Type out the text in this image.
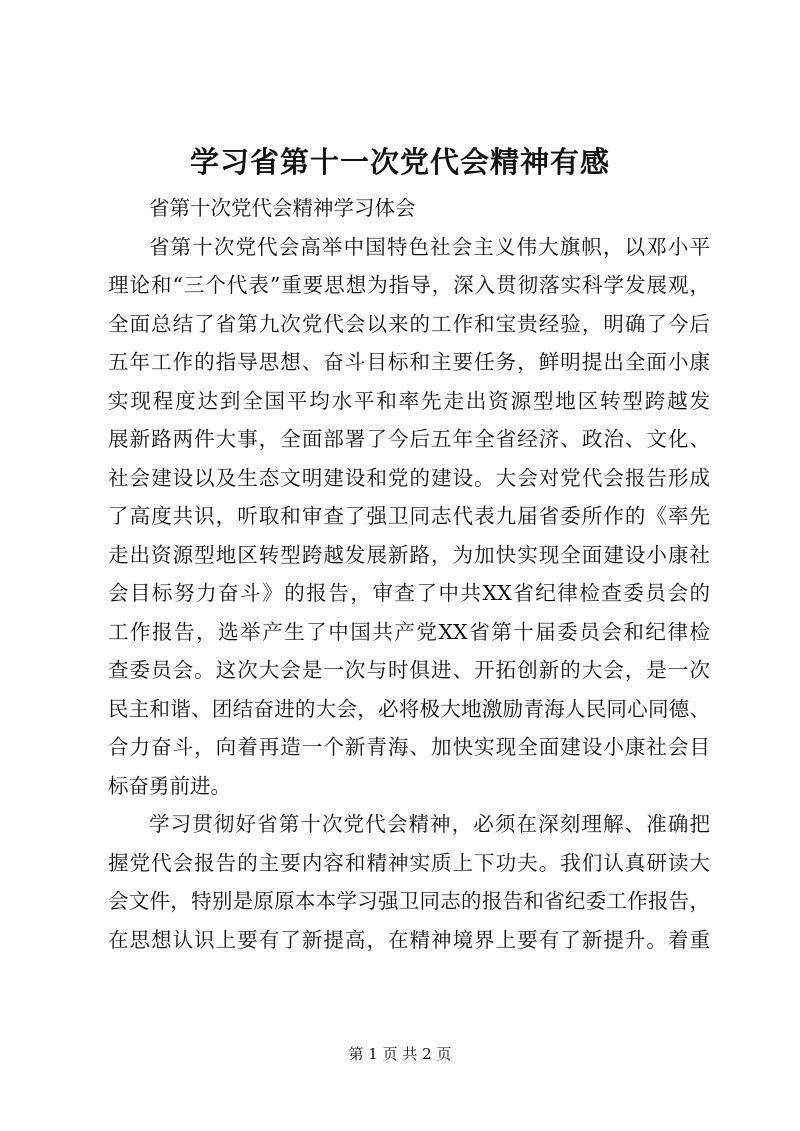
学习省第十一次党代会精神有感
省第十次党代会精神学习体会
省第十次党代会高举中国特色社会主义伟大旗帜，以邓小平
理论和“三个代表”重要思想为指导，深入贯彻落实科学发展观，
全面总结了省第九次党代会以来的工作和宝贵经验，明确了今后
五年工作的指导思想、奋斗目标和主要任务，鲜明提出全面小康
实现程度达到全国平均水平和率先走出资源型地区转型跨越发
展新路两件大事，全面部署了今后五年全省经济、政治、文化、
社会建设以及生态文明建设和党的建设。大会对党代会报告形成
了高度共识，听取和审查了强卫同志代表九届省委所作的《率先
走出资源型地区转型跨越发展新路，为加快实现全面建设小康社
会目标努力奋斗》的报告，审查了中共XX省纪律检查委员会的
工作报告，选举产生了中国共产党XX省第十届委员会和纪律检
查委员会。这次大会是一次与时俱进、开拓创新的大会，是一次
民主和谐、团结奋进的大会，必将极大地激励青海人民同心同德、
合力奋斗，向着再造一个新青海、加快实现全面建设小康社会目
标奋勇前进。
学习贯彻好省第十次党代会精神，必须在深刻理解、准确把
握党代会报告的主要内容和精神实质上下功夫。我们认真研读大
会文件，特别是原原本本学习强卫同志的报告和省纪委工作报告，
在思想认识上要有了新提高，在精神境界上要有了新提升。着重
第 1 页 共 2 页
